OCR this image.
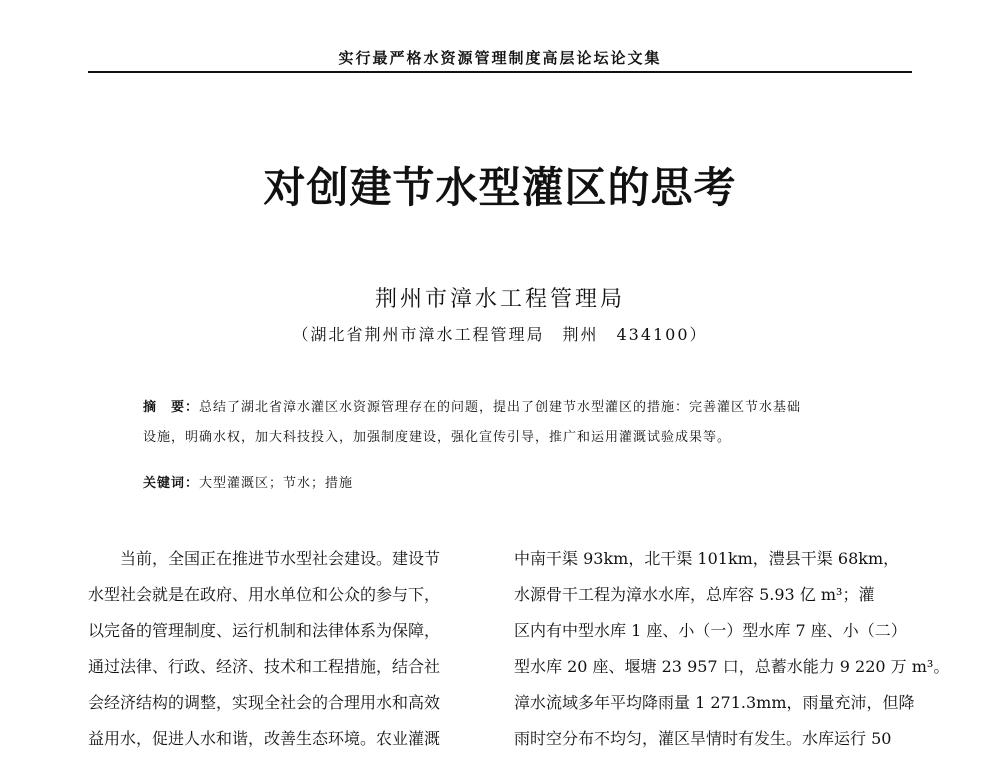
实行最严格水资源管理制度高层论坛论文集
对创建节水型灌区的思考
荆州市漳水工程管理局
（湖北省荆州市漳水工程管理局　荆州　434100）
摘　要：总结了湖北省漳水灌区水资源管理存在的问题，提出了创建节水型灌区的措施：完善灌区节水基础
设施，明确水权，加大科技投入，加强制度建设，强化宣传引导，推广和运用灌溉试验成果等。
关键词：大型灌溉区；节水；措施
当前，全国正在推进节水型社会建设。建设节
水型社会就是在政府、用水单位和公众的参与下，
以完备的管理制度、运行机制和法律体系为保障，
通过法律、行政、经济、技术和工程措施，结合社
会经济结构的调整，实现全社会的合理用水和高效
益用水，促进人水和谐，改善生态环境。农业灌溉
中南干渠 93km，北干渠 101km，澧县干渠 68km，
水源骨干工程为漳水水库，总库容 5.93 亿 m³；灌
区内有中型水库 1 座、小（一）型水库 7 座、小（二）
型水库 20 座、堰塘 23 957 口，总蓄水能力 9 220 万 m³。
漳水流域多年平均降雨量 1 271.3mm，雨量充沛，但降
雨时空分布不均匀，灌区旱情时有发生。水库运行 50
